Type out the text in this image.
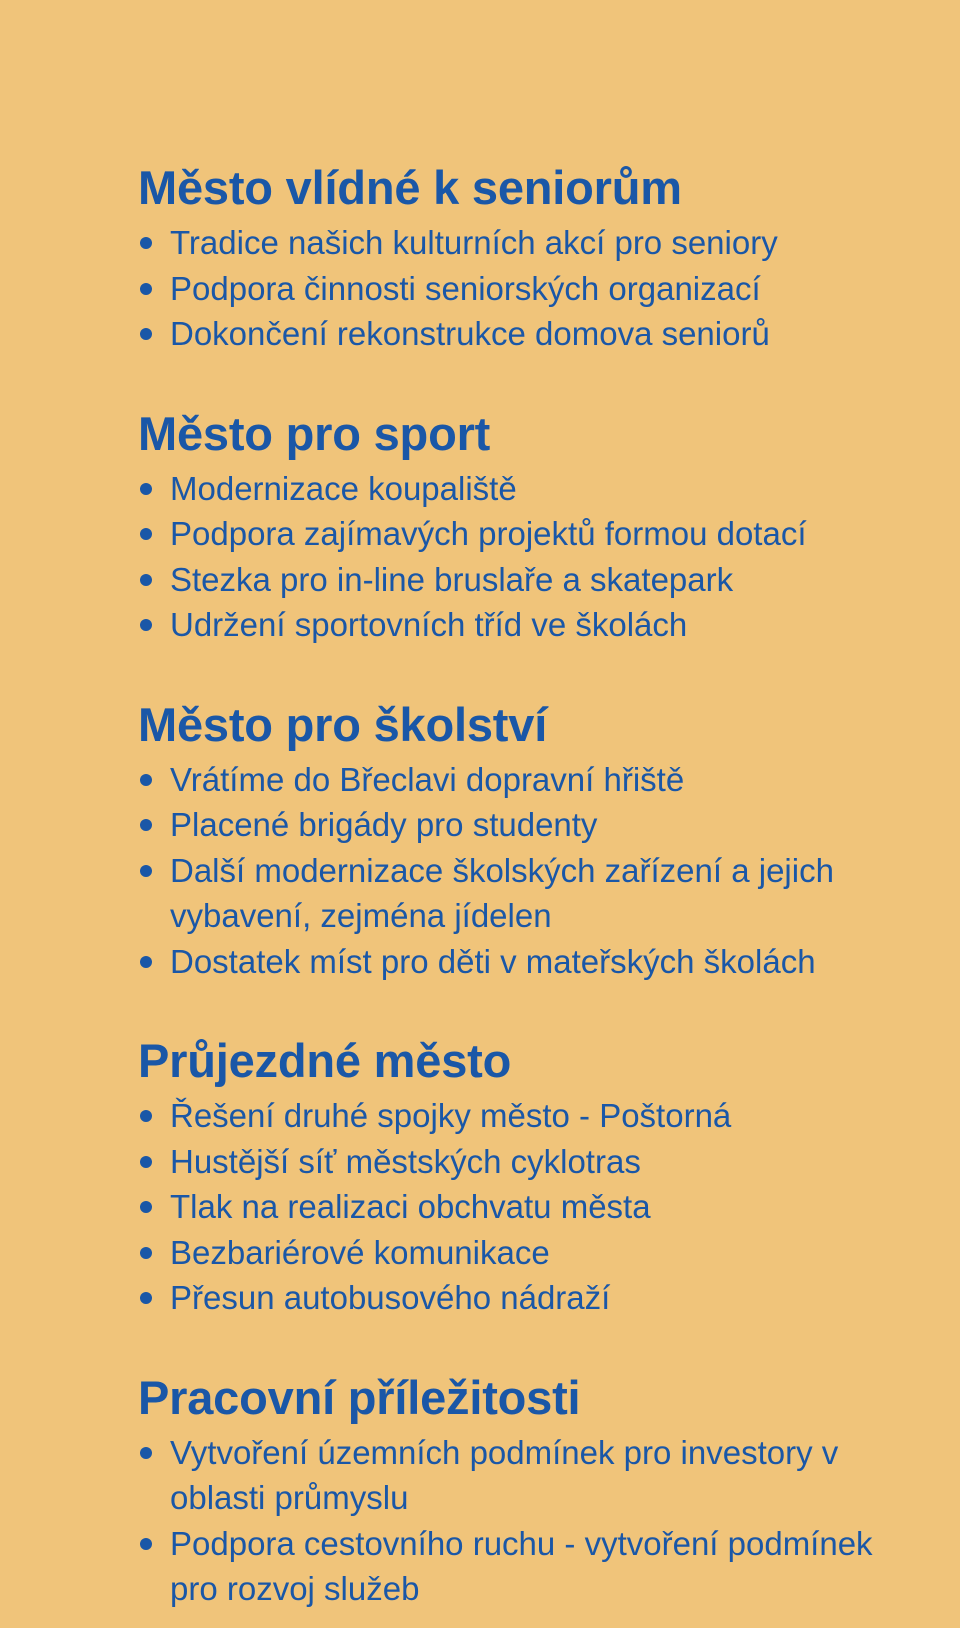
Město vlídné k seniorům
Tradice našich kulturních akcí pro seniory
Podpora činnosti seniorských organizací
Dokončení rekonstrukce domova seniorů
Město pro sport
Modernizace koupaliště
Podpora zajímavých projektů formou dotací
Stezka pro in-line bruslaře a skatepark
Udržení sportovních tříd ve školách
Město pro školství
Vrátíme do Břeclavi dopravní hřiště
Placené brigády pro studenty
Další modernizace školských zařízení a jejich vybavení, zejména jídelen
Dostatek míst pro děti v mateřských školách
Průjezdné město
Řešení druhé spojky město - Poštorná
Hustější síť městských cyklotras
Tlak na realizaci obchvatu města
Bezbariérové komunikace
Přesun autobusového nádraží
Pracovní příležitosti
Vytvoření územních podmínek pro investory v oblasti průmyslu
Podpora cestovního ruchu - vytvoření podmínek pro rozvoj služeb
